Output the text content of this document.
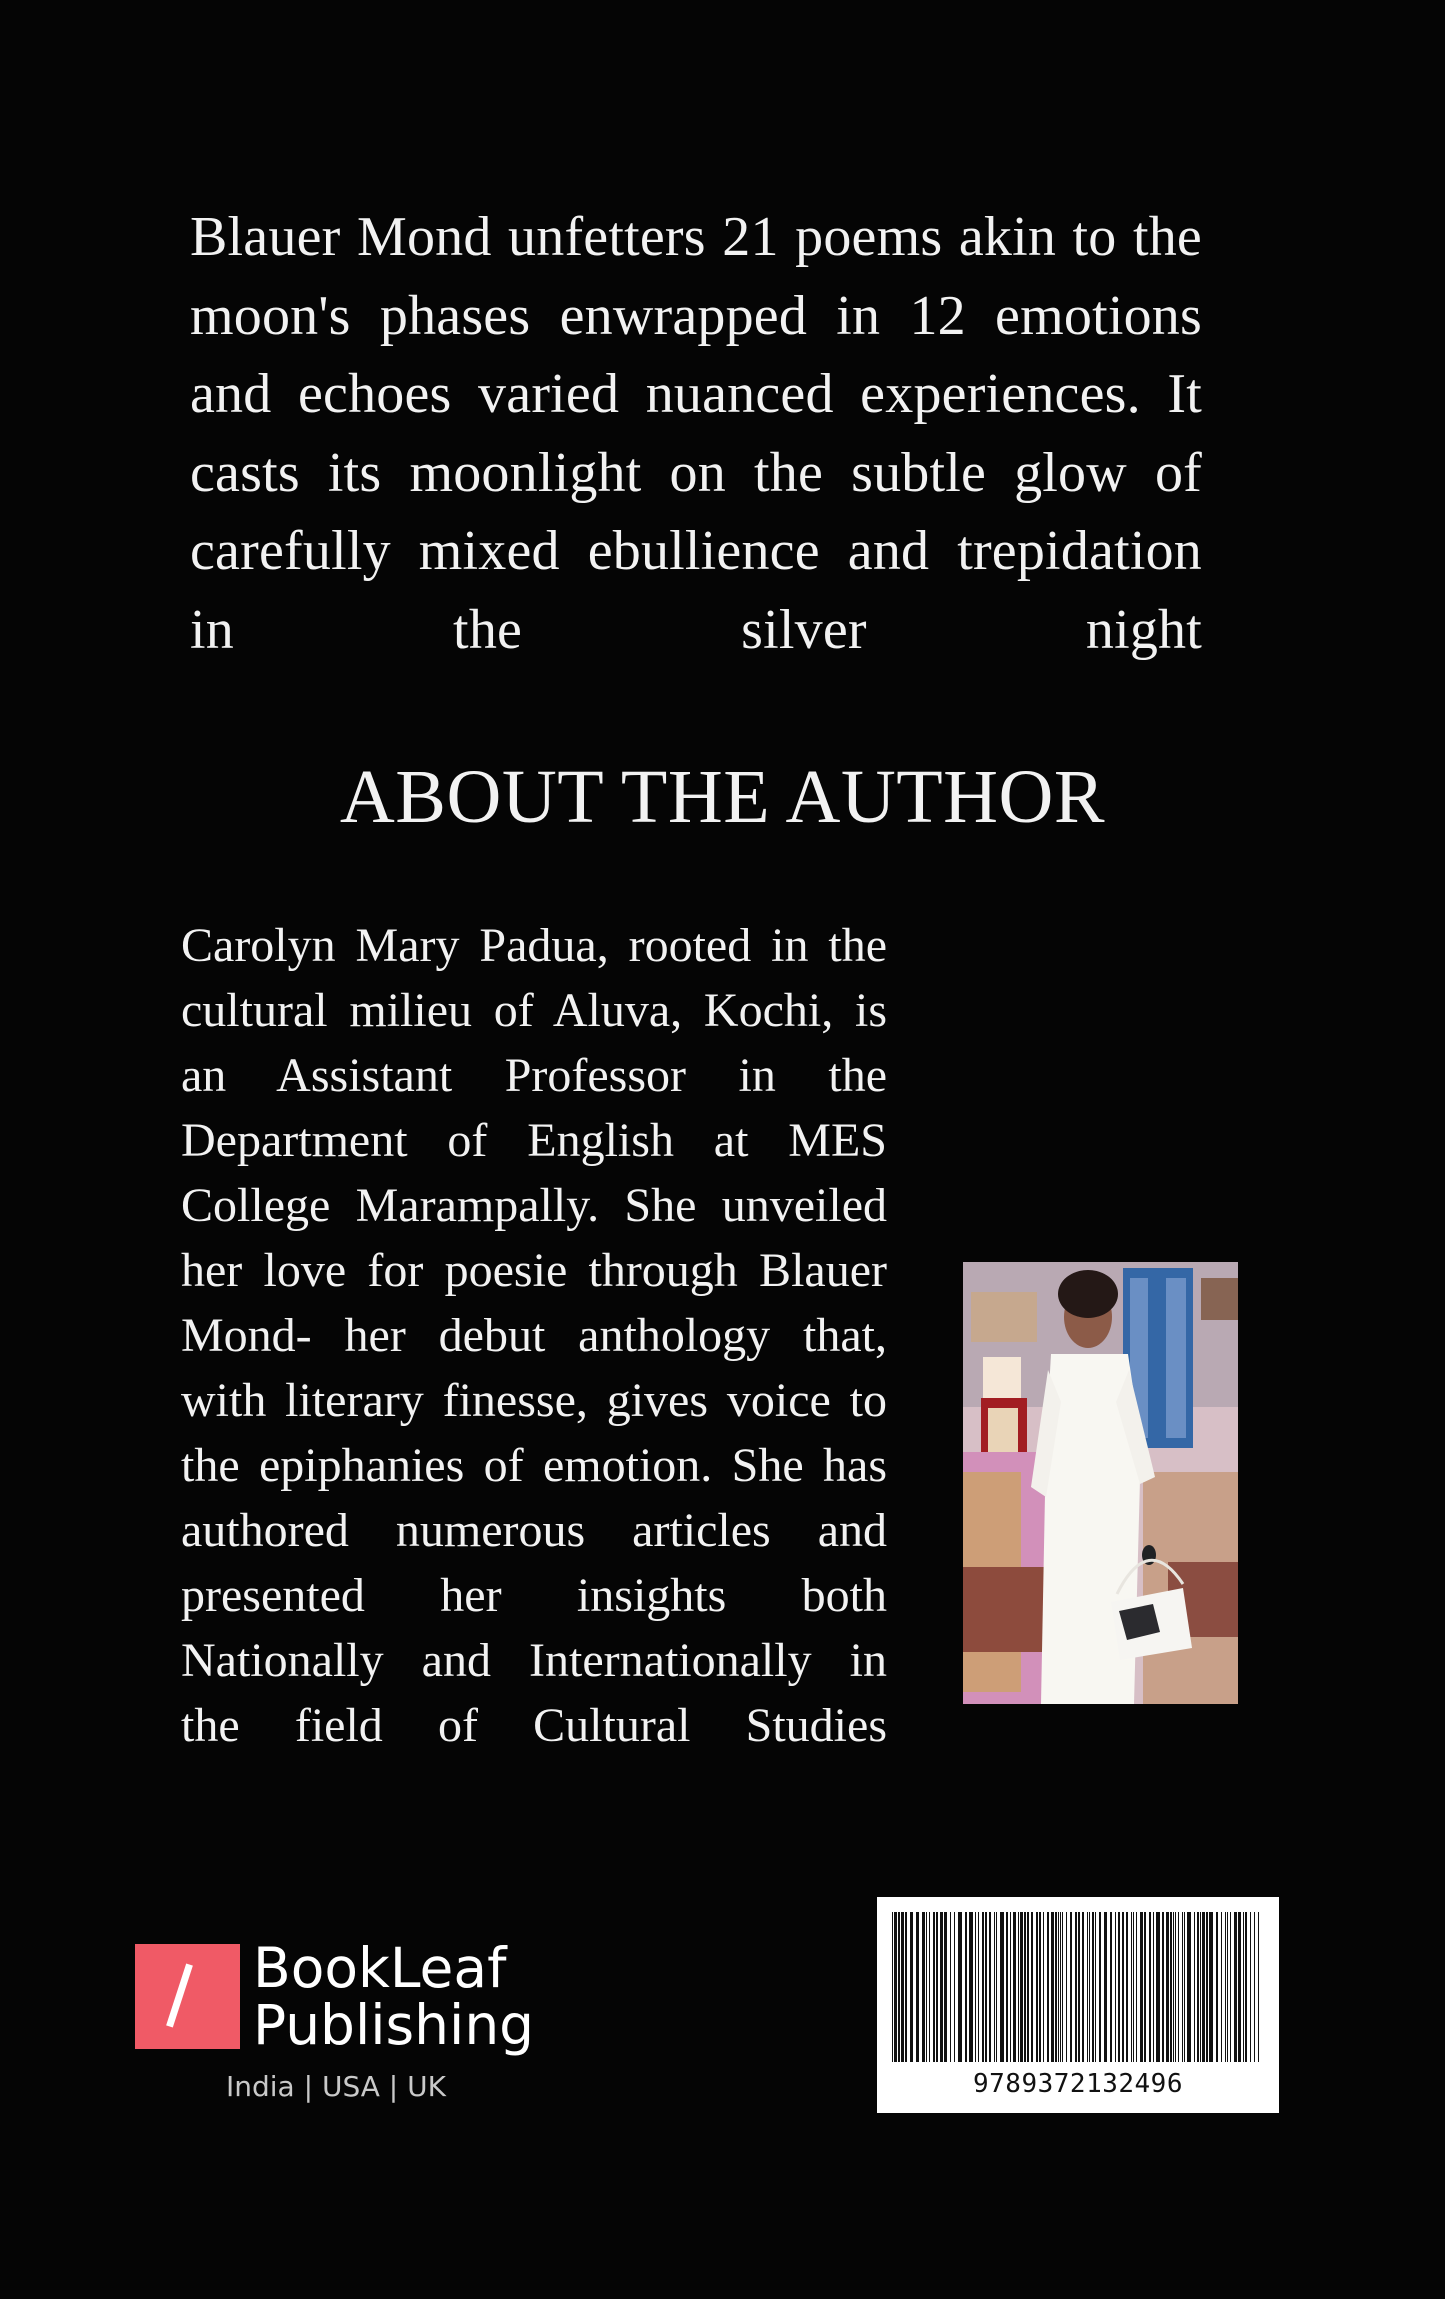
Blauer Mond unfetters 21 poems akin to the moon's phases enwrapped in 12 emotions and echoes varied nuanced experiences. It casts its moonlight on the subtle glow of carefully mixed ebullience and trepidation in the silver night

ABOUT THE AUTHOR

Carolyn Mary Padua, rooted in the cultural milieu of Aluva, Kochi, is an Assistant Professor in the Department of English at MES College Marampally. She unveiled her love for poesie through Blauer Mond- her debut anthology that, with literary finesse, gives voice to the epiphanies of emotion. She has authored numerous articles and presented her insights both Nationally and Internationally in the field of Cultural Studies

BookLeaf
Publishing
India | USA | UK	9789372132496
